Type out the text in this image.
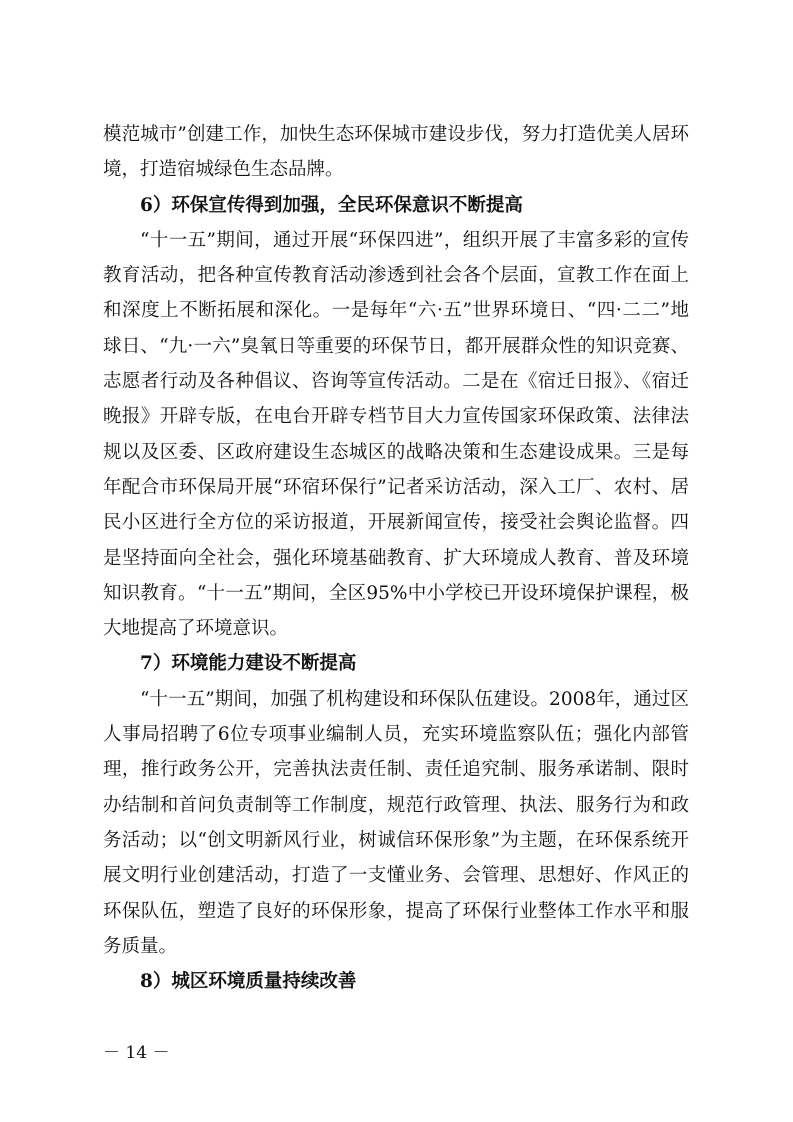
模范城市”创建工作，加快生态环保城市建设步伐，努力打造优美人居环境，打造宿城绿色生态品牌。

6）环保宣传得到加强，全民环保意识不断提高

“十一五”期间，通过开展“环保四进”，组织开展了丰富多彩的宣传教育活动，把各种宣传教育活动渗透到社会各个层面，宣教工作在面上和深度上不断拓展和深化。一是每年“六·五”世界环境日、“四·二二”地球日、“九·一六”臭氧日等重要的环保节日，都开展群众性的知识竞赛、志愿者行动及各种倡议、咨询等宣传活动。二是在《宿迁日报》、《宿迁晚报》开辟专版，在电台开辟专档节目大力宣传国家环保政策、法律法规以及区委、区政府建设生态城区的战略决策和生态建设成果。三是每年配合市环保局开展“环宿环保行”记者采访活动，深入工厂、农村、居民小区进行全方位的采访报道，开展新闻宣传，接受社会舆论监督。四是坚持面向全社会，强化环境基础教育、扩大环境成人教育、普及环境知识教育。“十一五”期间，全区95%中小学校已开设环境保护课程，极大地提高了环境意识。

7）环境能力建设不断提高

“十一五”期间，加强了机构建设和环保队伍建设。2008年，通过区人事局招聘了6位专项事业编制人员，充实环境监察队伍；强化内部管理，推行政务公开，完善执法责任制、责任追究制、服务承诺制、限时办结制和首问负责制等工作制度，规范行政管理、执法、服务行为和政务活动；以“创文明新风行业，树诚信环保形象”为主题，在环保系统开展文明行业创建活动，打造了一支懂业务、会管理、思想好、作风正的环保队伍，塑造了良好的环保形象，提高了环保行业整体工作水平和服务质量。

8）城区环境质量持续改善

－ 14 －
